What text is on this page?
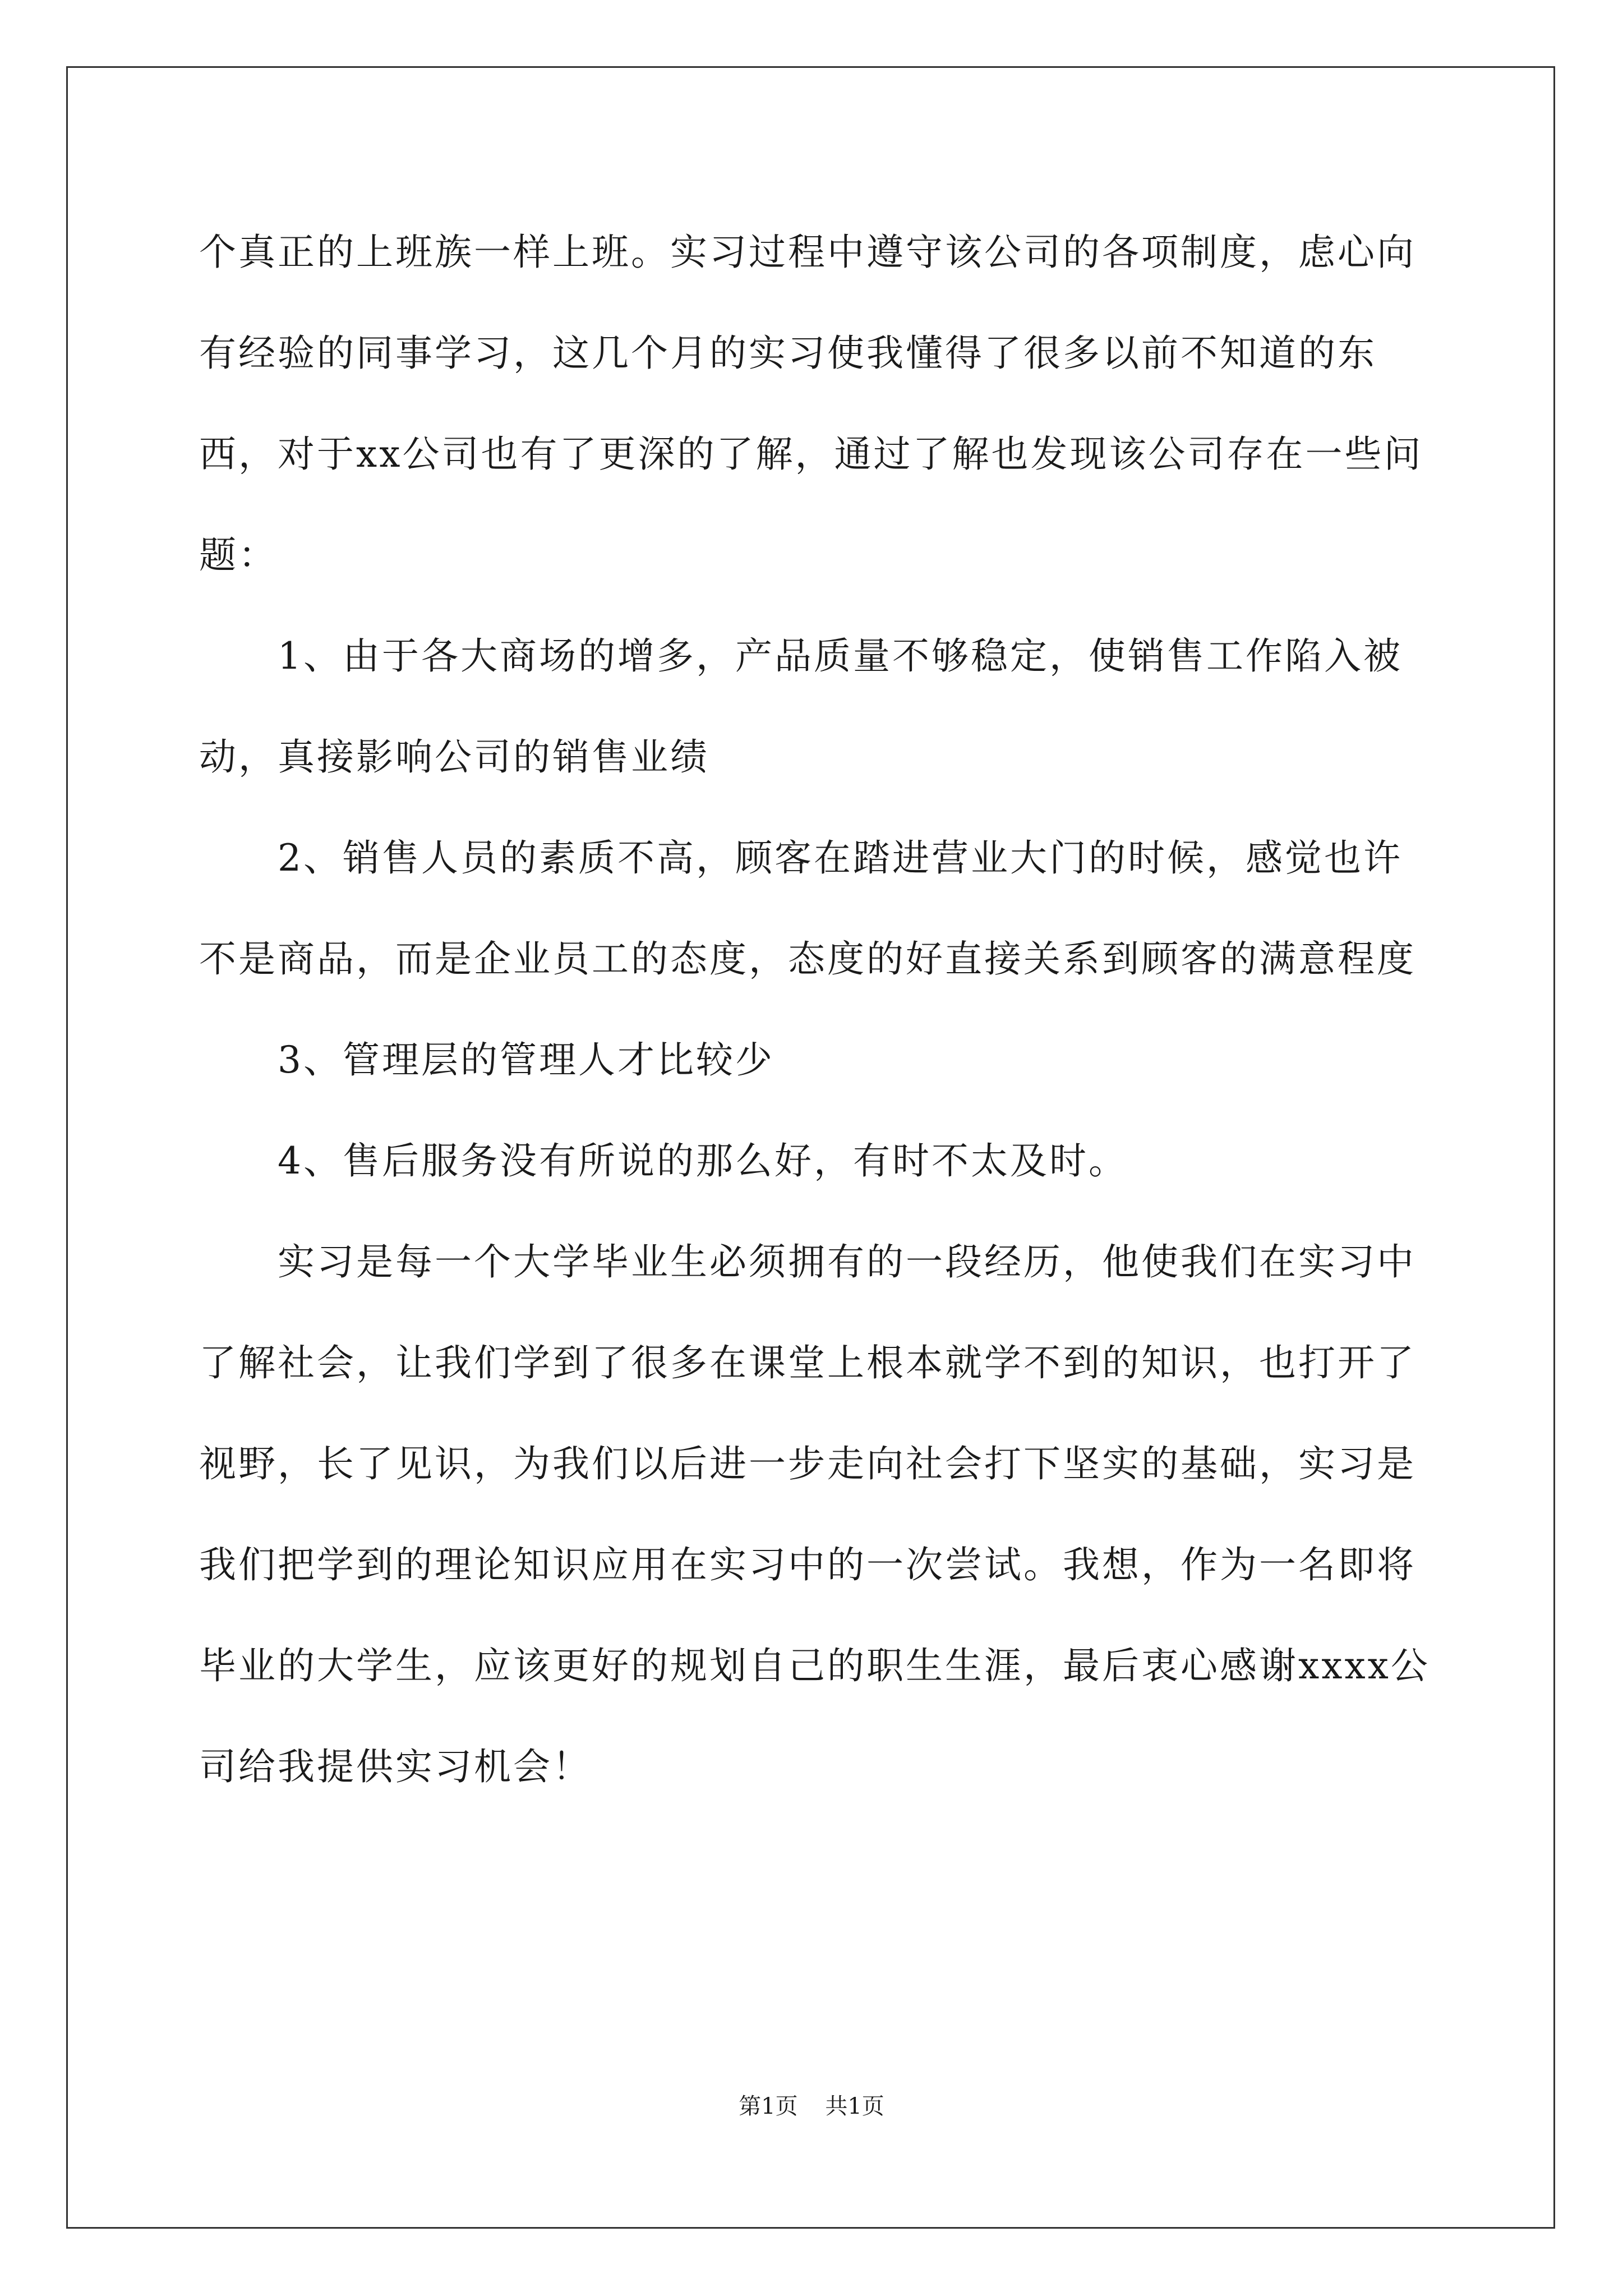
个真正的上班族一样上班。实习过程中遵守该公司的各项制度，虑心向有经验的同事学习，这几个月的实习使我懂得了很多以前不知道的东西，对于xx公司也有了更深的了解，通过了解也发现该公司存在一些问题：

1、由于各大商场的增多，产品质量不够稳定，使销售工作陷入被动，真接影响公司的销售业绩

2、销售人员的素质不高，顾客在踏进营业大门的时候，感觉也许不是商品，而是企业员工的态度，态度的好直接关系到顾客的满意程度

3、管理层的管理人才比较少

4、售后服务没有所说的那么好，有时不太及时。

实习是每一个大学毕业生必须拥有的一段经历，他使我们在实习中了解社会，让我们学到了很多在课堂上根本就学不到的知识，也打开了视野，长了见识，为我们以后进一步走向社会打下坚实的基础，实习是我们把学到的理论知识应用在实习中的一次尝试。我想，作为一名即将毕业的大学生，应该更好的规划自己的职生生涯，最后衷心感谢xxxx公司给我提供实习机会！

第1页 共1页
